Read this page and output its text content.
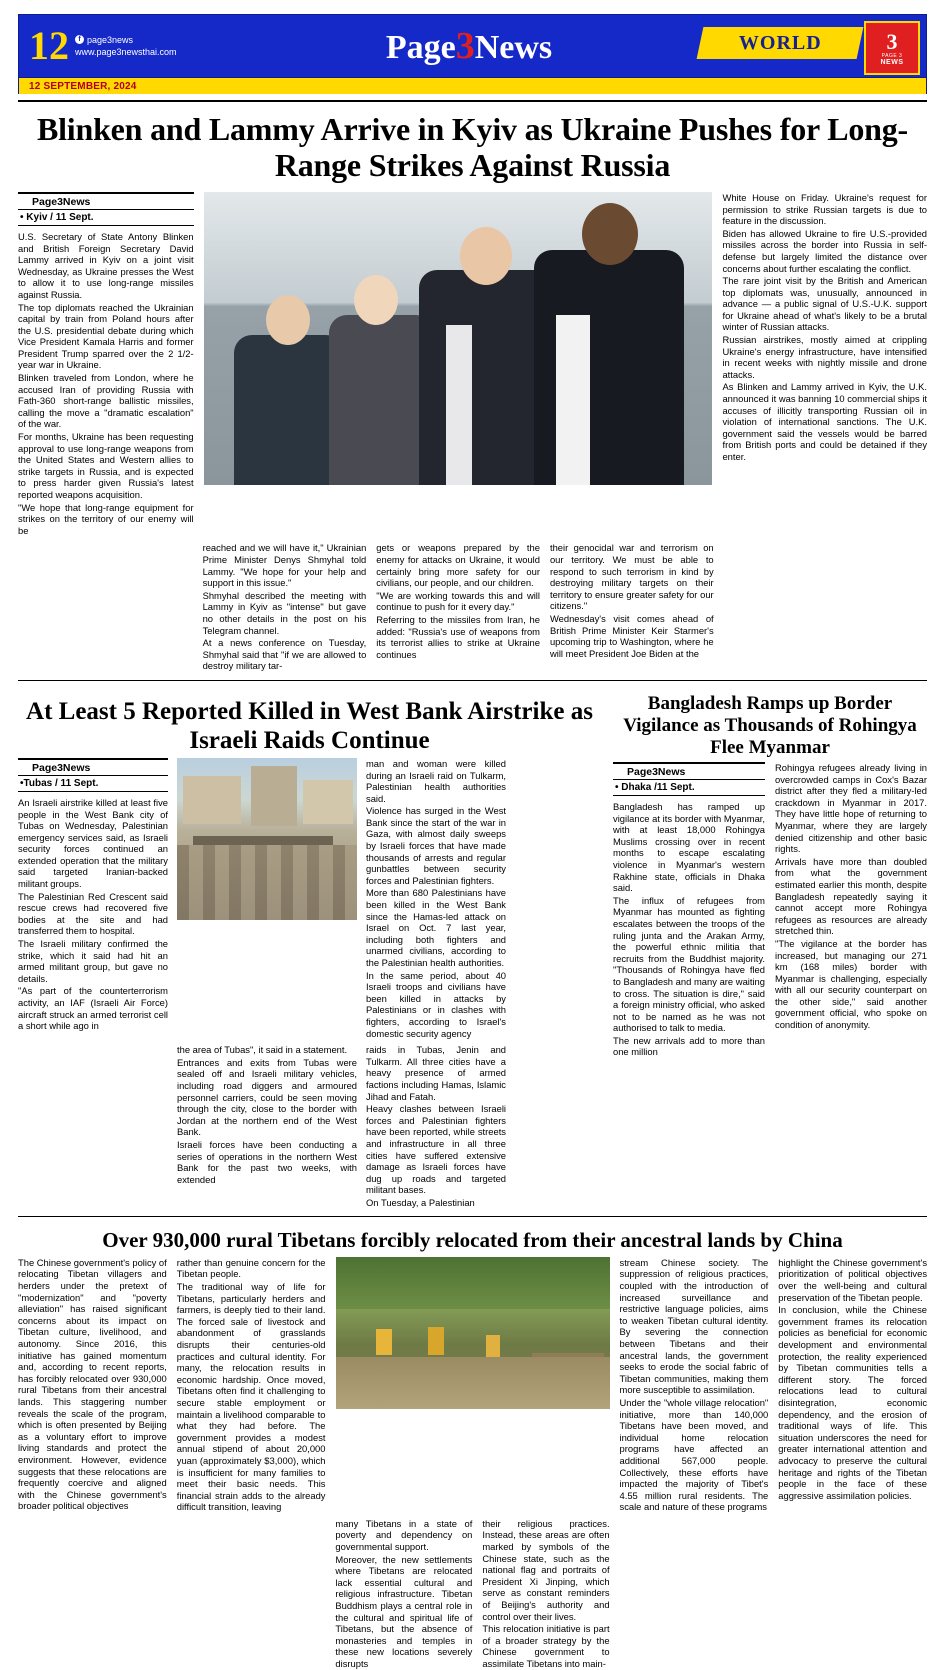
12	f page3news
www.page3newsthai.com	Page3News	WORLD	3
PAGE 3
NEWS
12 SEPTEMBER, 2024
Blinken and Lammy Arrive in Kyiv as Ukraine Pushes for Long-Range Strikes Against Russia
Page3News
• Kyiv / 11 Sept.

U.S. Secretary of State Antony Blinken and British Foreign Secretary David Lammy arrived in Kyiv on a joint visit Wednesday, as Ukraine presses the West to allow it to use long-range missiles against Russia.

The top diplomats reached the Ukrainian capital by train from Poland hours after the U.S. presidential debate during which Vice President Kamala Harris and former President Trump sparred over the 2 1/2-year war in Ukraine.

Blinken traveled from London, where he accused Iran of providing Russia with Fath-360 short-range ballistic missiles, calling the move a "dramatic escalation" of the war.

For months, Ukraine has been requesting approval to use long-range weapons from the United States and Western allies to strike targets in Russia, and is expected to press harder given Russia's latest reported weapons acquisition.

"We hope that long-range equipment for strikes on the territory of our enemy will be

White House on Friday. Ukraine's request for permission to strike Russian targets is due to feature in the discussion.

Biden has allowed Ukraine to fire U.S.-provided missiles across the border into Russia in self-defense but largely limited the distance over concerns about further escalating the conflict.

The rare joint visit by the British and American top diplomats was, unusually, announced in advance — a public signal of U.S.-U.K. support for Ukraine ahead of what's likely to be a brutal winter of Russian attacks.

Russian airstrikes, mostly aimed at crippling Ukraine's energy infrastructure, have intensified in recent weeks with nightly missile and drone attacks.

As Blinken and Lammy arrived in Kyiv, the U.K. announced it was banning 10 commercial ships it accuses of illicitly transporting Russian oil in violation of international sanctions. The U.K. government said the vessels would be barred from British ports and could be detained if they enter.

reached and we will have it," Ukrainian Prime Minister Denys Shmyhal told Lammy. "We hope for your help and support in this issue."

Shmyhal described the meeting with Lammy in Kyiv as "intense" but gave no other details in the post on his Telegram channel.

At a news conference on Tuesday, Shmyhal said that "if we are allowed to destroy military tar-

gets or weapons prepared by the enemy for attacks on Ukraine, it would certainly bring more safety for our civilians, our people, and our children.

"We are working towards this and will continue to push for it every day."

Referring to the missiles from Iran, he added: "Russia's use of weapons from its terrorist allies to strike at Ukraine continues

their genocidal war and terrorism on our territory. We must be able to respond to such terrorism in kind by destroying military targets on their territory to ensure greater safety for our citizens."

Wednesday's visit comes ahead of British Prime Minister Keir Starmer's upcoming trip to Washington, where he will meet President Joe Biden at the

At Least 5 Reported Killed in West Bank Airstrike as Israeli Raids Continue
Page3News
•Tubas / 11 Sept.

An Israeli airstrike killed at least five people in the West Bank city of Tubas on Wednesday, Palestinian emergency services said, as Israeli security forces continued an extended operation that the military said targeted Iranian-backed militant groups.

The Palestinian Red Crescent said rescue crews had recovered five bodies at the site and had transferred them to hospital.

The Israeli military confirmed the strike, which it said had hit an armed militant group, but gave no details.

"As part of the counterterrorism activity, an IAF (Israeli Air Force) aircraft struck an armed terrorist cell a short while ago in

man and woman were killed during an Israeli raid on Tulkarm, Palestinian health authorities said.

Violence has surged in the West Bank since the start of the war in Gaza, with almost daily sweeps by Israeli forces that have made thousands of arrests and regular gunbattles between security forces and Palestinian fighters.

More than 680 Palestinians have been killed in the West Bank since the Hamas-led attack on Israel on Oct. 7 last year, including both fighters and unarmed civilians, according to the Palestinian health authorities.

In the same period, about 40 Israeli troops and civilians have been killed in attacks by Palestinians or in clashes with fighters, according to Israel's domestic security agency

the area of Tubas", it said in a statement.

Entrances and exits from Tubas were sealed off and Israeli military vehicles, including road diggers and armoured personnel carriers, could be seen moving through the city, close to the border with Jordan at the northern end of the West Bank.

Israeli forces have been conducting a series of operations in the northern West Bank for the past two weeks, with extended

raids in Tubas, Jenin and Tulkarm. All three cities have a heavy presence of armed factions including Hamas, Islamic Jihad and Fatah.

Heavy clashes between Israeli forces and Palestinian fighters have been reported, while streets and infrastructure in all three cities have suffered extensive damage as Israeli forces have dug up roads and targeted militant bases.

On Tuesday, a Palestinian

Bangladesh Ramps up Border Vigilance as Thousands of Rohingya Flee Myanmar
Page3News
• Dhaka /11 Sept.

Bangladesh has ramped up vigilance at its border with Myanmar, with at least 18,000 Rohingya Muslims crossing over in recent months to escape escalating violence in Myanmar's western Rakhine state, officials in Dhaka said.

The influx of refugees from Myanmar has mounted as fighting escalates between the troops of the ruling junta and the Arakan Army, the powerful ethnic militia that recruits from the Buddhist majority. "Thousands of Rohingya have fled to Bangladesh and many are waiting to cross. The situation is dire," said a foreign ministry official, who asked not to be named as he was not authorised to talk to media.

The new arrivals add to more than one million

Rohingya refugees already living in overcrowded camps in Cox's Bazar district after they fled a military-led crackdown in Myanmar in 2017. They have little hope of returning to Myanmar, where they are largely denied citizenship and other basic rights.

Arrivals have more than doubled from what the government estimated earlier this month, despite Bangladesh repeatedly saying it cannot accept more Rohingya refugees as resources are already stretched thin.

"The vigilance at the border has increased, but managing our 271 km (168 miles) border with Myanmar is challenging, especially with all our security counterpart on the other side," said another government official, who spoke on condition of anonymity.

Over 930,000 rural Tibetans forcibly relocated from their ancestral lands by China

The Chinese government's policy of relocating Tibetan villagers and herders under the pretext of "modernization" and "poverty alleviation" has raised significant concerns about its impact on Tibetan culture, livelihood, and autonomy. Since 2016, this initiative has gained momentum and, according to recent reports, has forcibly relocated over 930,000 rural Tibetans from their ancestral lands. This staggering number reveals the scale of the program, which is often presented by Beijing as a voluntary effort to improve living standards and protect the environment. However, evidence suggests that these relocations are frequently coercive and aligned with the Chinese government's broader political objectives

rather than genuine concern for the Tibetan people.

The traditional way of life for Tibetans, particularly herders and farmers, is deeply tied to their land. The forced sale of livestock and abandonment of grasslands disrupts their centuries-old practices and cultural identity. For many, the relocation results in economic hardship. Once moved, Tibetans often find it challenging to secure stable employment or maintain a livelihood comparable to what they had before. The government provides a modest annual stipend of about 20,000 yuan (approximately $3,000), which is insufficient for many families to meet their basic needs. This financial strain adds to the already difficult transition, leaving

stream Chinese society. The suppression of religious practices, coupled with the introduction of increased surveillance and restrictive language policies, aims to weaken Tibetan cultural identity. By severing the connection between Tibetans and their ancestral lands, the government seeks to erode the social fabric of Tibetan communities, making them more susceptible to assimilation.

Under the "whole village relocation" initiative, more than 140,000 Tibetans have been moved, and individual home relocation programs have affected an additional 567,000 people. Collectively, these efforts have impacted the majority of Tibet's 4.55 million rural residents. The scale and nature of these programs

highlight the Chinese government's prioritization of political objectives over the well-being and cultural preservation of the Tibetan people.

In conclusion, while the Chinese government frames its relocation policies as beneficial for economic development and environmental protection, the reality experienced by Tibetan communities tells a different story. The forced relocations lead to cultural disintegration, economic dependency, and the erosion of traditional ways of life. This situation underscores the need for greater international attention and advocacy to preserve the cultural heritage and rights of the Tibetan people in the face of these aggressive assimilation policies.

many Tibetans in a state of poverty and dependency on governmental support.

Moreover, the new settlements where Tibetans are relocated lack essential cultural and religious infrastructure. Tibetan Buddhism plays a central role in the cultural and spiritual life of Tibetans, but the absence of monasteries and temples in these new locations severely disrupts

their religious practices. Instead, these areas are often marked by symbols of the Chinese state, such as the national flag and portraits of President Xi Jinping, which serve as constant reminders of Beijing's authority and control over their lives.

This relocation initiative is part of a broader strategy by the Chinese government to assimilate Tibetans into main-
